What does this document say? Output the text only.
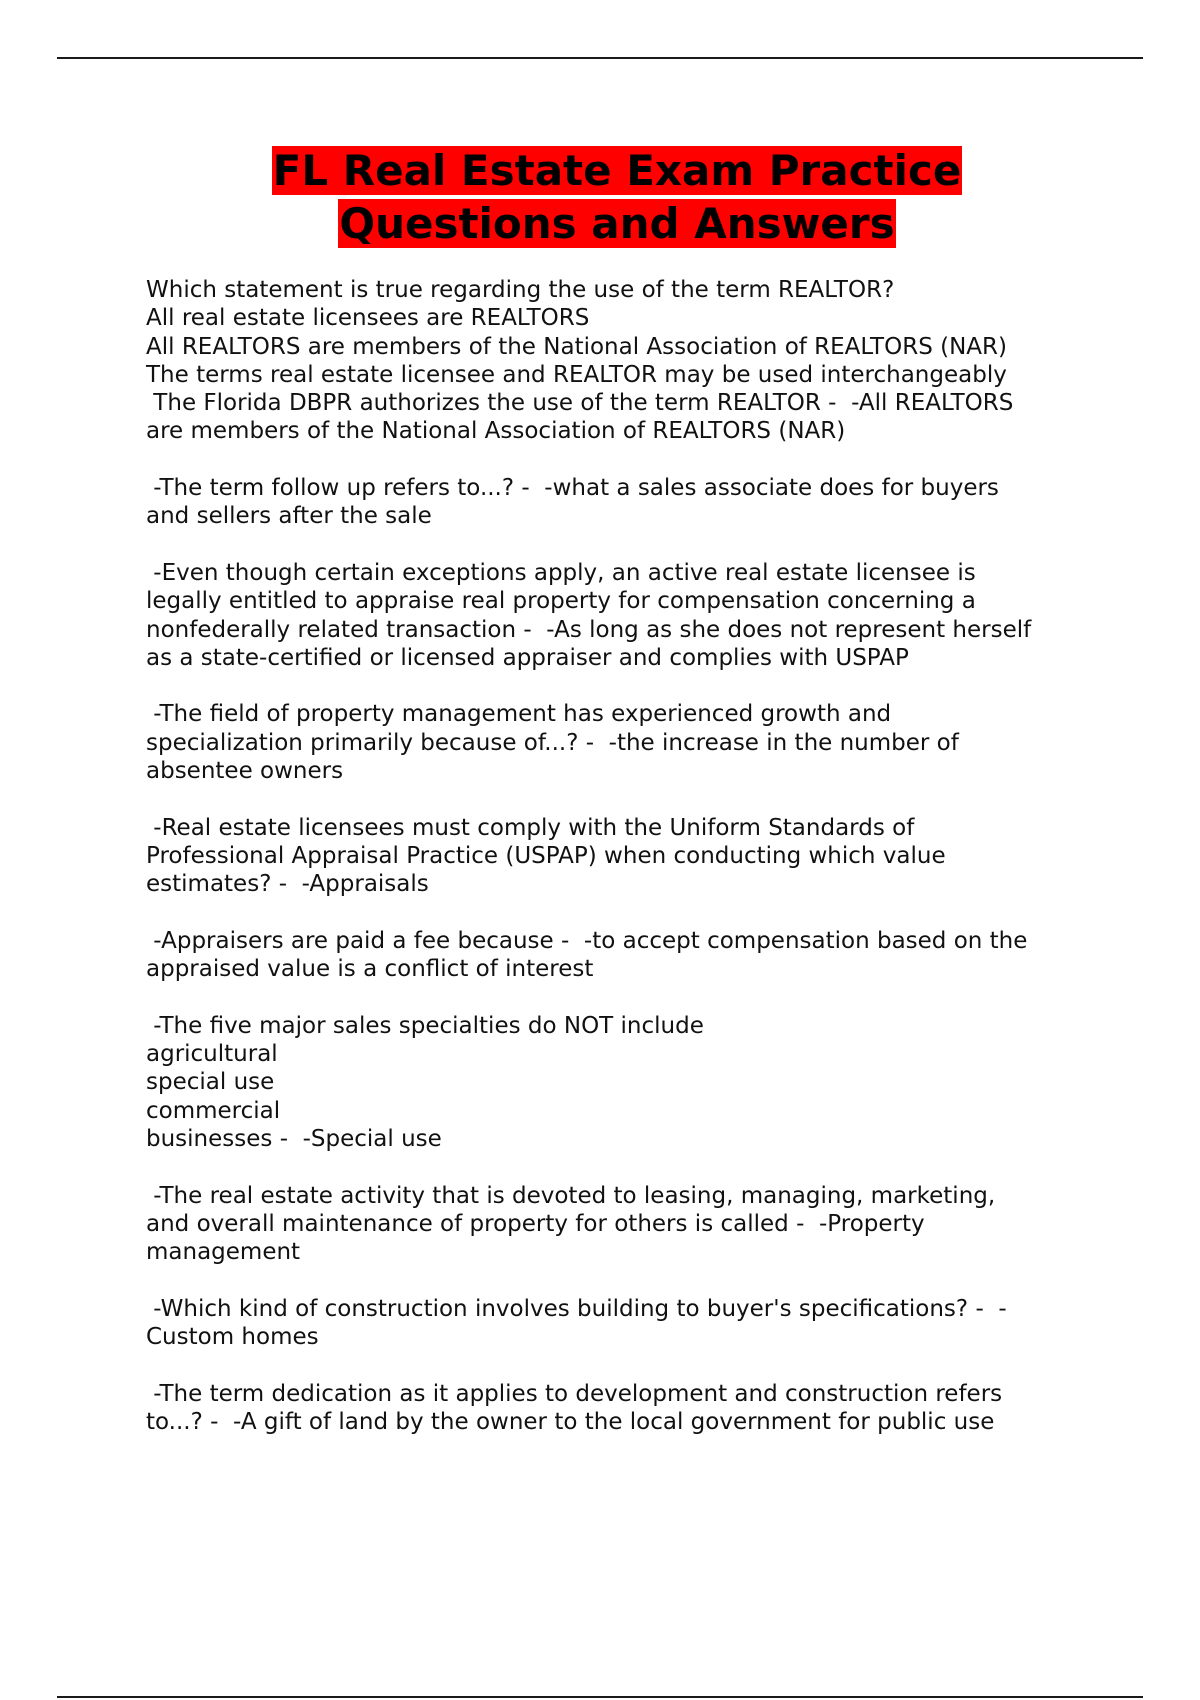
FL Real Estate Exam Practice
Questions and Answers

Which statement is true regarding the use of the term REALTOR?
All real estate licensees are REALTORS
All REALTORS are members of the National Association of REALTORS (NAR)
The terms real estate licensee and REALTOR may be used interchangeably
The Florida DBPR authorizes the use of the term REALTOR -  -All REALTORS
are members of the National Association of REALTORS (NAR)

-The term follow up refers to...? -  -what a sales associate does for buyers
and sellers after the sale

-Even though certain exceptions apply, an active real estate licensee is
legally entitled to appraise real property for compensation concerning a
nonfederally related transaction -  -As long as she does not represent herself
as a state-certified or licensed appraiser and complies with USPAP

-The field of property management has experienced growth and
specialization primarily because of...? -  -the increase in the number of
absentee owners

-Real estate licensees must comply with the Uniform Standards of
Professional Appraisal Practice (USPAP) when conducting which value
estimates? -  -Appraisals

-Appraisers are paid a fee because -  -to accept compensation based on the
appraised value is a conflict of interest

-The five major sales specialties do NOT include
agricultural
special use
commercial
businesses -  -Special use

-The real estate activity that is devoted to leasing, managing, marketing,
and overall maintenance of property for others is called -  -Property
management

-Which kind of construction involves building to buyer's specifications? -  -
Custom homes

-The term dedication as it applies to development and construction refers
to...? -  -A gift of land by the owner to the local government for public use
